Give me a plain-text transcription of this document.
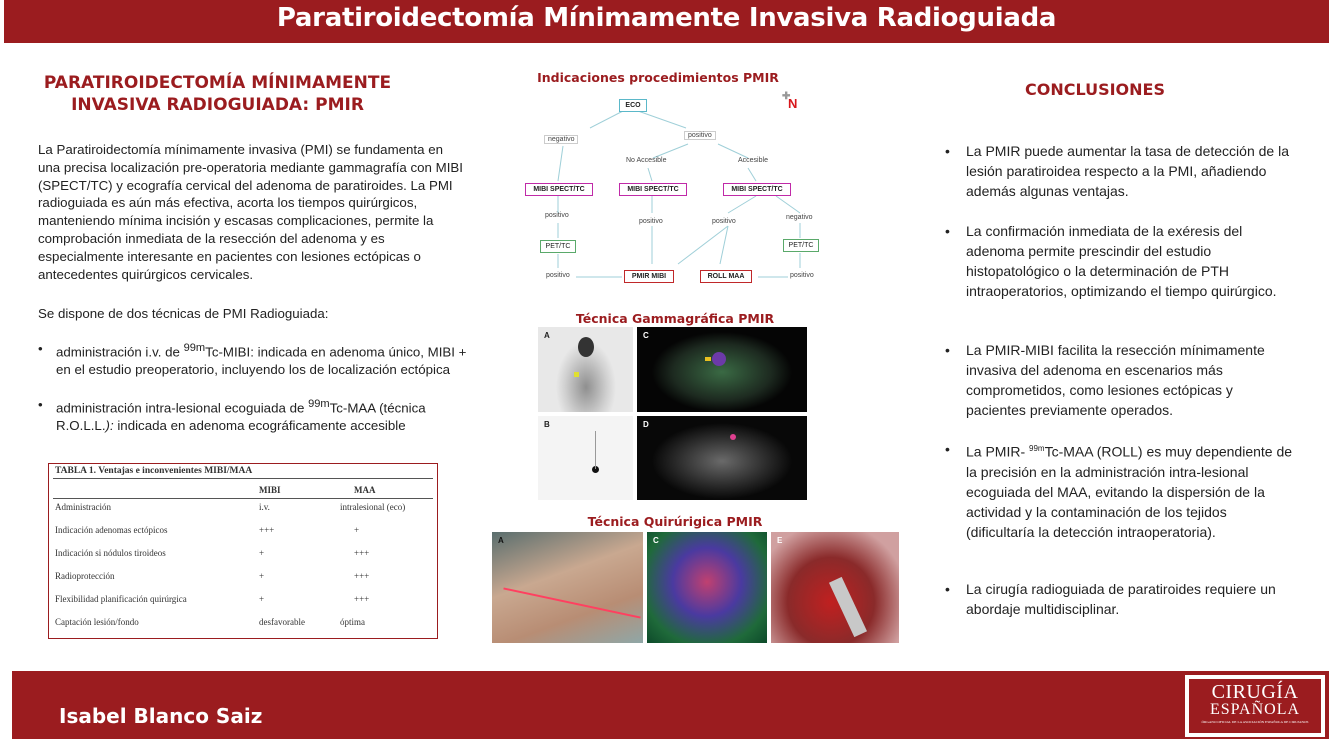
Paratiroidectomía Mínimamente Invasiva Radioguiada
PARATIROIDECTOMÍA MÍNIMAMENTE
INVASIVA RADIOGUIADA: PMIR
La Paratiroidectomía mínimamente invasiva (PMI) se fundamenta en una precisa localización pre-operatoria mediante gammagrafía con MIBI (SPECT/TC) y ecografía cervical del adenoma de paratiroides. La PMI radioguiada es aún más efectiva, acorta los tiempos quirúrgicos, manteniendo mínima incisión y escasas complicaciones, permite la comprobación inmediata de la resección del adenoma y es especialmente interesante en pacientes con lesiones ectópicas o antecedentes quirúrgicos cervicales.
Se dispone de dos técnicas de PMI Radioguiada:
• administración i.v. de $^{99m}$Tc-MIBI: indicada en adenoma único, MIBI + en el estudio preoperatorio, incluyendo los de localización ectópica
• administración intra-lesional ecoguiada de $^{99m}$Tc-MAA (técnica R.O.L.L.): indicada en adenoma ecográficamente accesible
TABLA 1. Ventajas e inconvenientes MIBI/MAA
MIBI	MAA
Administración	i.v.	intralesional (eco)
Indicación adenomas ectópicos	+++	+
Indicación si nódulos tiroideos	+	+++
Radioprotección	+	+++
Flexibilidad planificación quirúrgica	+	+++
Captación lesión/fondo	desfavorable	óptima
Indicaciones procedimientos PMIR
ECO
negativo
positivo
No Accesible	Accesible
MIBI SPECT/TC	MIBI SPECT/TC	MIBI SPECT/TC
positivo
positivo	positivo
negativo
PET/TC	PET/TC
positivo	positivo
PMIR MIBI	ROLL MAA
✚
N
Técnica Gammagráfica PMIR
A	C
B	D
Técnica Quirúrigica PMIR
A	C	E
CONCLUSIONES
• La PMIR puede aumentar la tasa de detección de la lesión paratiroidea respecto a la PMI, añadiendo además algunas ventajas.
• La confirmación inmediata de la exéresis del adenoma permite prescindir del estudio histopatológico o la determinación de PTH intraoperatorios, optimizando el tiempo quirúrgico.
• La PMIR-MIBI facilita la resección mínimamente invasiva del adenoma en escenarios más comprometidos, como lesiones ectópicas y pacientes previamente operados.
• La PMIR- $^{99m}$Tc-MAA (ROLL) es muy dependiente de la precisión en la administración intra-lesional ecoguiada del MAA, evitando la dispersión de la actividad y la contaminación de los tejidos (dificultaría la detección intraoperatoria).
• La cirugía radioguiada de paratiroides requiere un abordaje multidisciplinar.
Isabel Blanco Saiz
CIRUGÍA
ESPAÑOLA
ÓRGANO OFICIAL DE LA ASOCIACIÓN ESPAÑOLA DE CIRUJANOS
